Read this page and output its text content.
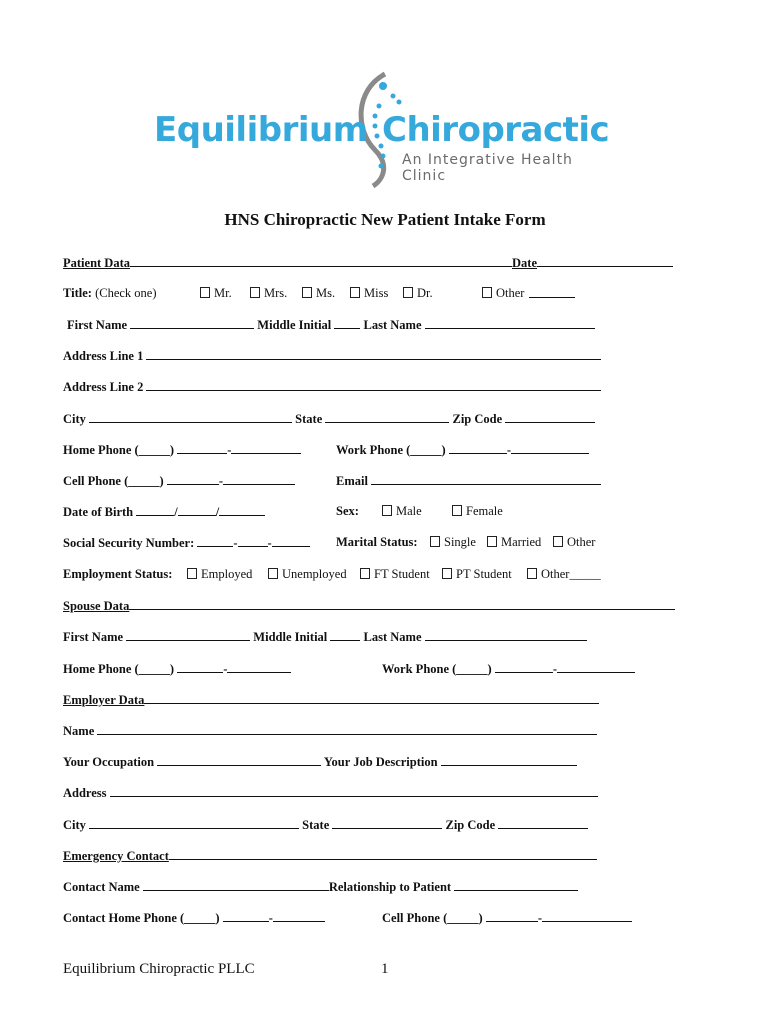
Equilibrium Chiropractic
An Integrative Health Clinic
HNS Chiropractic New Patient Intake Form
Patient Data	Date
Title: (Check one)	Mr.	Mrs.	Ms.	Miss	Dr.	Other
First Name	Middle Initial	Last Name
Address Line 1
Address Line 2
City	State	Zip Code
Home Phone (_____)	-	Work Phone (_____)	-
Cell Phone (_____)	-	Email
Date of Birth	/	/	Sex:	Male	Female
Social Security Number:	- -	Marital Status:	Single	Married	Other
Employment Status:	Employed	Unemployed	FT Student	PT Student	Other_____
Spouse Data
First Name	Middle Initial	Last Name
Home Phone (_____)	-	Work Phone (_____)	-
Employer Data
Name
Your Occupation	Your Job Description
Address
City	State	Zip Code
Emergency Contact
Contact Name	Relationship to Patient
Contact Home Phone (_____)	-	Cell Phone (_____)	-
Equilibrium Chiropractic PLLC	1
